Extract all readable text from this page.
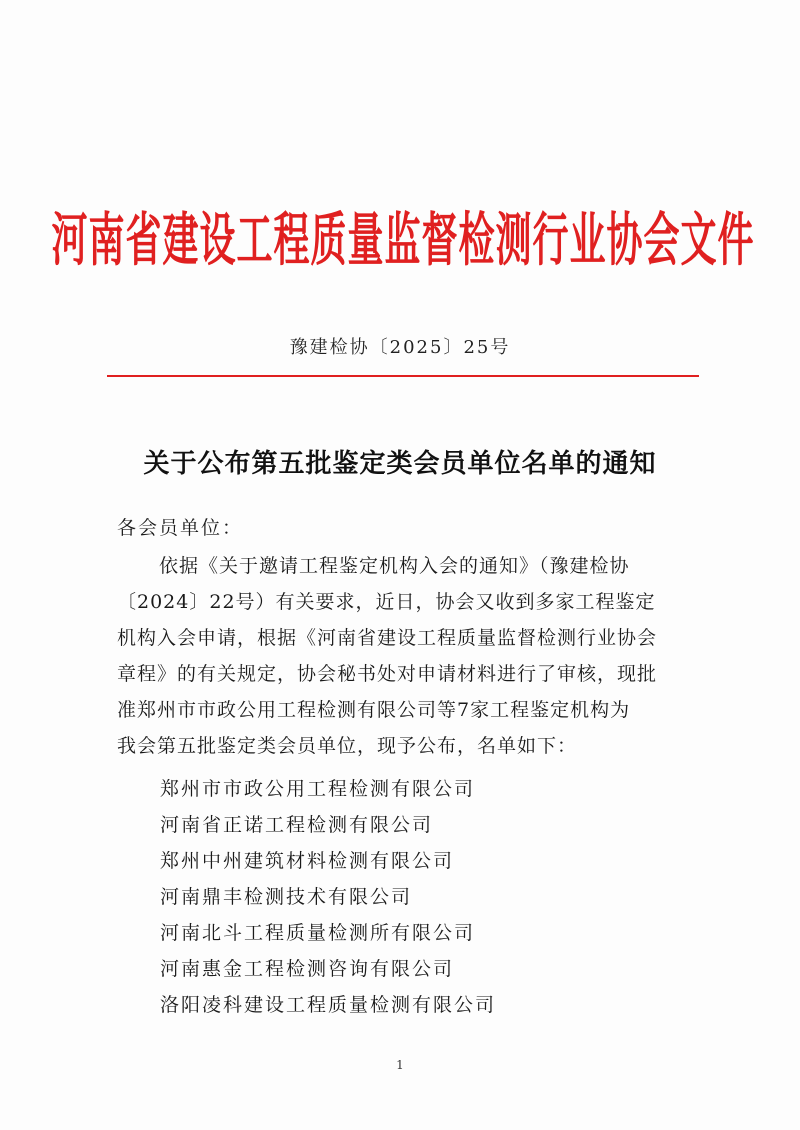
河南省建设工程质量监督检测行业协会文件
豫建检协〔2025〕25号
关于公布第五批鉴定类会员单位名单的通知
各会员单位：
依据《关于邀请工程鉴定机构入会的通知》（豫建检协
〔2024〕22号）有关要求，近日，协会又收到多家工程鉴定
机构入会申请，根据《河南省建设工程质量监督检测行业协会
章程》的有关规定，协会秘书处对申请材料进行了审核，现批
准郑州市市政公用工程检测有限公司等7家工程鉴定机构为
我会第五批鉴定类会员单位，现予公布，名单如下：
郑州市市政公用工程检测有限公司
河南省正诺工程检测有限公司
郑州中州建筑材料检测有限公司
河南鼎丰检测技术有限公司
河南北斗工程质量检测所有限公司
河南惠金工程检测咨询有限公司
洛阳凌科建设工程质量检测有限公司
1
